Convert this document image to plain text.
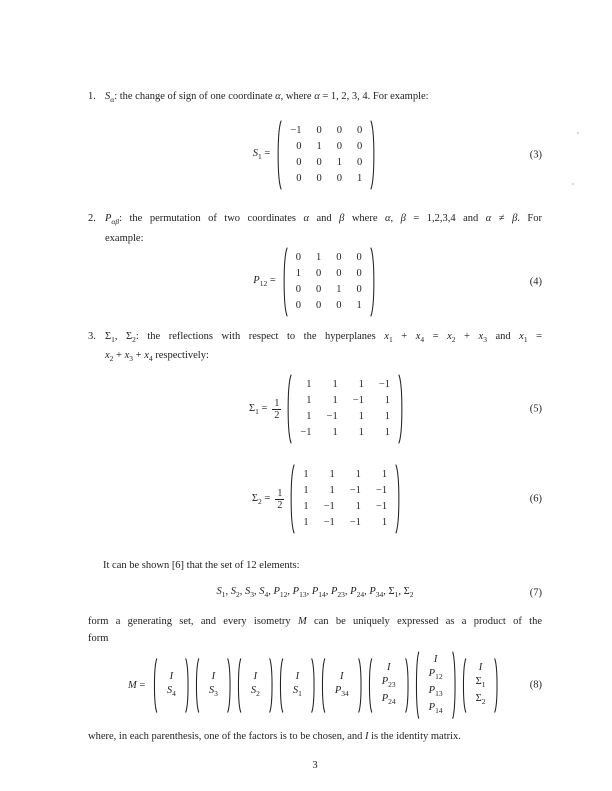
1. $S_\alpha$: the change of sign of one coordinate α, where α = 1, 2, 3, 4. For example:
$S_1$ =
−1 0 0 0
0 1 0 0
0 0 1 0
0 0 0 1
(3)
2. $P_{\alpha\beta}$: the permutation of two coordinates α and β where α, β = 1,2,3,4 and α ≠ β. For
example:
$P_{12}$ =
0 1 0 0
1 0 0 0
0 0 1 0
0 0 0 1
(4)
3. $\Sigma_1$, $\Sigma_2$: the reflections with respect to the hyperplanes $x_1 + x_4 = x_2 + x_3$ and $x_1$ =
$x_2 + x_3 + x_4$ respectively:
$\Sigma_1 = \frac{1}{2}$
1 1 1 −1
1 1 −1 1
1 −1 1 1
−1 1 1 1
(5)
$\Sigma_2 = \frac{1}{2}$
1 1 1 1
1 1 −1 −1
1 −1 1 −1
1 −1 −1 1
(6)
It can be shown [6] that the set of 12 elements:
$S_1$, $S_2$, $S_3$, $S_4$, $P_{12}$, $P_{13}$, $P_{14}$, $P_{23}$, $P_{24}$, $P_{34}$, $\Sigma_1$, $\Sigma_2$	(7)
form a generating set, and every isometry M can be uniquely expressed as a product of the
form
M =
I
$S_4$
I
$S_3$
I
$S_2$
I
$S_1$
I
$P_{34}$
I
$P_{23}$
$P_{24}$
I
$P_{12}$
$P_{13}$
$P_{14}$
I
$\Sigma_1$
$\Sigma_2$
(8)
where, in each parenthesis, one of the factors is to be chosen, and I is the identity matrix.
3
